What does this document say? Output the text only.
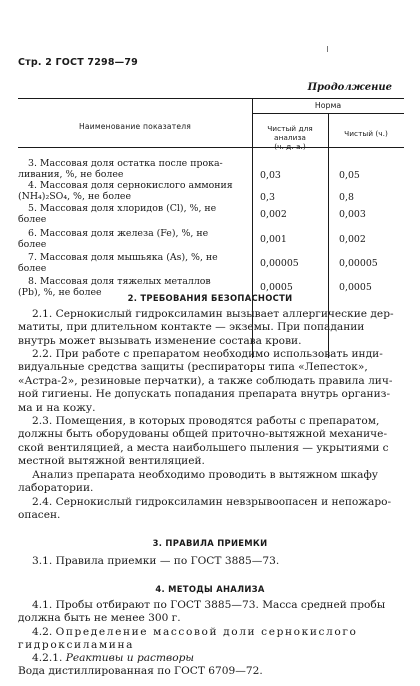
Стр. 2 ГОСТ 7298—79
Продолжение
Наименование показателя
Норма
Чистый для анализа
(ч. д. а.)
Чистый (ч.)
3. Массовая доля остатка после прока-
ливания, %, не более	0,03	0,05
4. Массовая доля сернокислого аммония
(NH₄)₂SO₄, %, не более	0,3	0,8
5. Массовая доля хлоридов (Cl), %, не
более	0,002	0,003
6. Массовая доля железа (Fe), %, не
более	0,001	0,002
7. Массовая доля мышьяка (As), %, не
более	0,00005	0,00005
8. Массовая доля тяжелых металлов
(Pb), %, не более	0,0005	0,0005
2. ТРЕБОВАНИЯ БЕЗОПАСНОСТИ
2.1. Сернокислый гидроксиламин вызывает аллергические дер-
матиты, при длительном контакте — экземы. При попадании
внутрь может вызывать изменение состава крови.
2.2. При работе с препаратом необходимо использовать инди-
видуальные средства защиты (респираторы типа «Лепесток»,
«Астра-2», резиновые перчатки), а также соблюдать правила лич-
ной гигиены. Не допускать попадания препарата внутрь организ-
ма и на кожу.
2.3. Помещения, в которых проводятся работы с препаратом,
должны быть оборудованы общей приточно-вытяжной механиче-
ской вентиляцией, а места наибольшего пыления — укрытиями с
местной вытяжной вентиляцией.
Анализ препарата необходимо проводить в вытяжном шкафу
лаборатории.
2.4. Сернокислый гидроксиламин невзрывоопасен и непожаро-
опасен.
3. ПРАВИЛА ПРИЕМКИ
3.1. Правила приемки — по ГОСТ 3885—73.
4. МЕТОДЫ АНАЛИЗА
4.1. Пробы отбирают по ГОСТ 3885—73. Масса средней пробы
должна быть не менее 300 г.
4.2. Определение массовой доли сернокислого
гидроксиламина
4.2.1. Реактивы и растворы
Вода дистиллированная по ГОСТ 6709—72.
